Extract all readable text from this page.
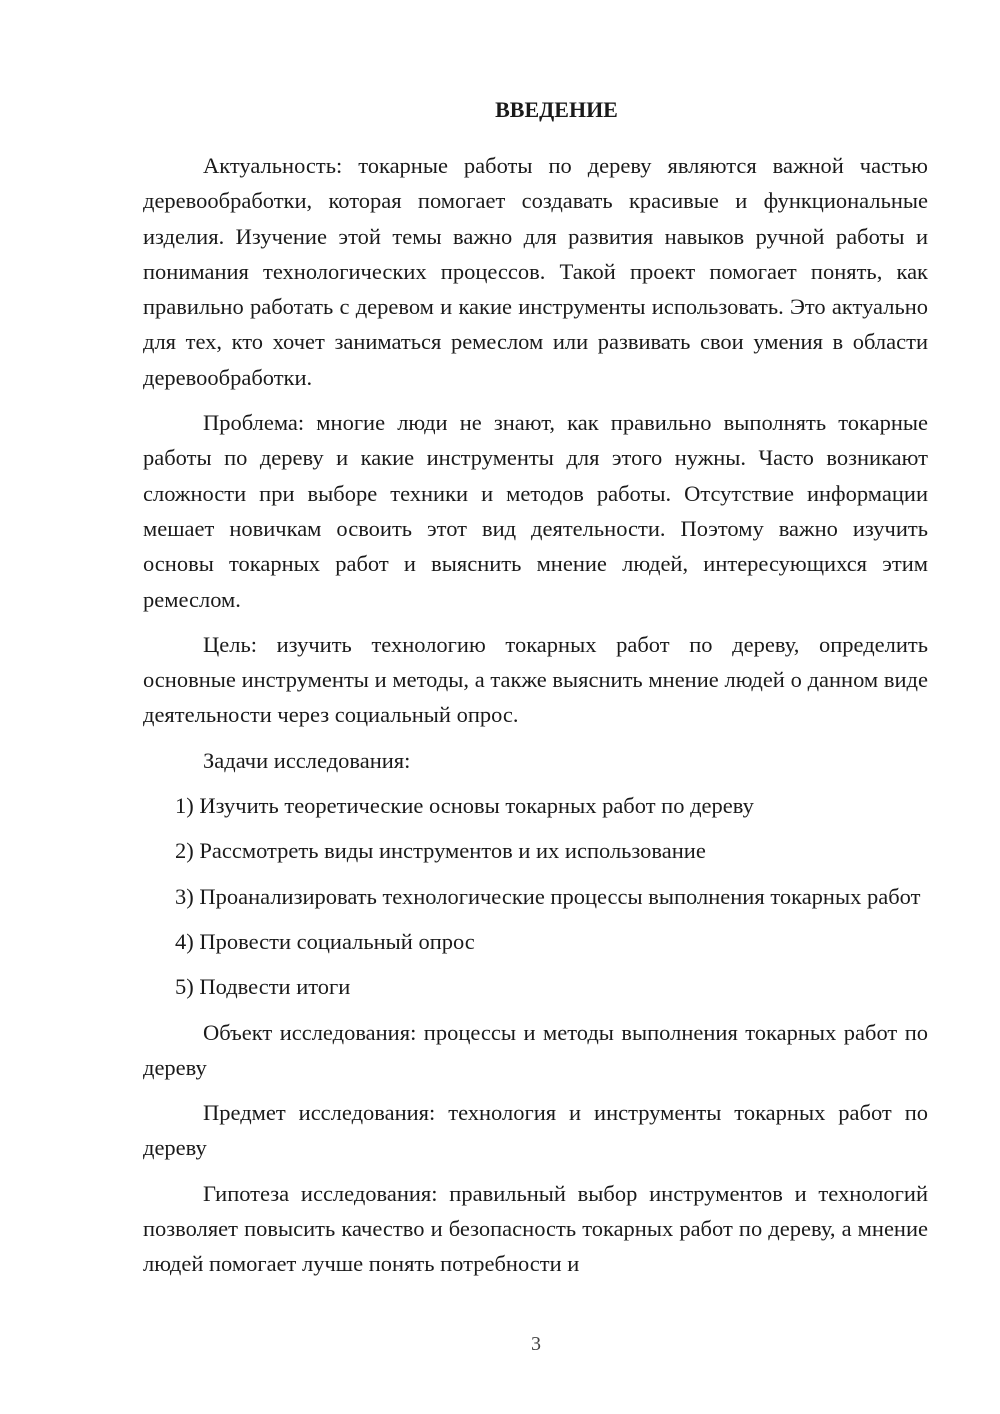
ВВЕДЕНИЕ

Актуальность: токарные работы по дереву являются важной частью деревообработки, которая помогает создавать красивые и функциональные изделия. Изучение этой темы важно для развития навыков ручной работы и понимания технологических процессов. Такой проект помогает понять, как правильно работать с деревом и какие инструменты использовать. Это актуально для тех, кто хочет заниматься ремеслом или развивать свои умения в области деревообработки.

Проблема: многие люди не знают, как правильно выполнять токарные работы по дереву и какие инструменты для этого нужны. Часто возникают сложности при выборе техники и методов работы. Отсутствие информации мешает новичкам освоить этот вид деятельности. Поэтому важно изучить основы токарных работ и выяснить мнение людей, интересующихся этим ремеслом.

Цель: изучить технологию токарных работ по дереву, определить основные инструменты и методы, а также выяснить мнение людей о данном виде деятельности через социальный опрос.

Задачи исследования:

1) Изучить теоретические основы токарных работ по дереву

2) Рассмотреть виды инструментов и их использование

3) Проанализировать технологические процессы выполнения токарных работ

4) Провести социальный опрос

5) Подвести итоги

Объект исследования: процессы и методы выполнения токарных работ по дереву

Предмет исследования: технология и инструменты токарных работ по дереву

Гипотеза исследования: правильный выбор инструментов и технологий позволяет повысить качество и безопасность токарных работ по дереву, а мнение людей помогает лучше понять потребности и

3
